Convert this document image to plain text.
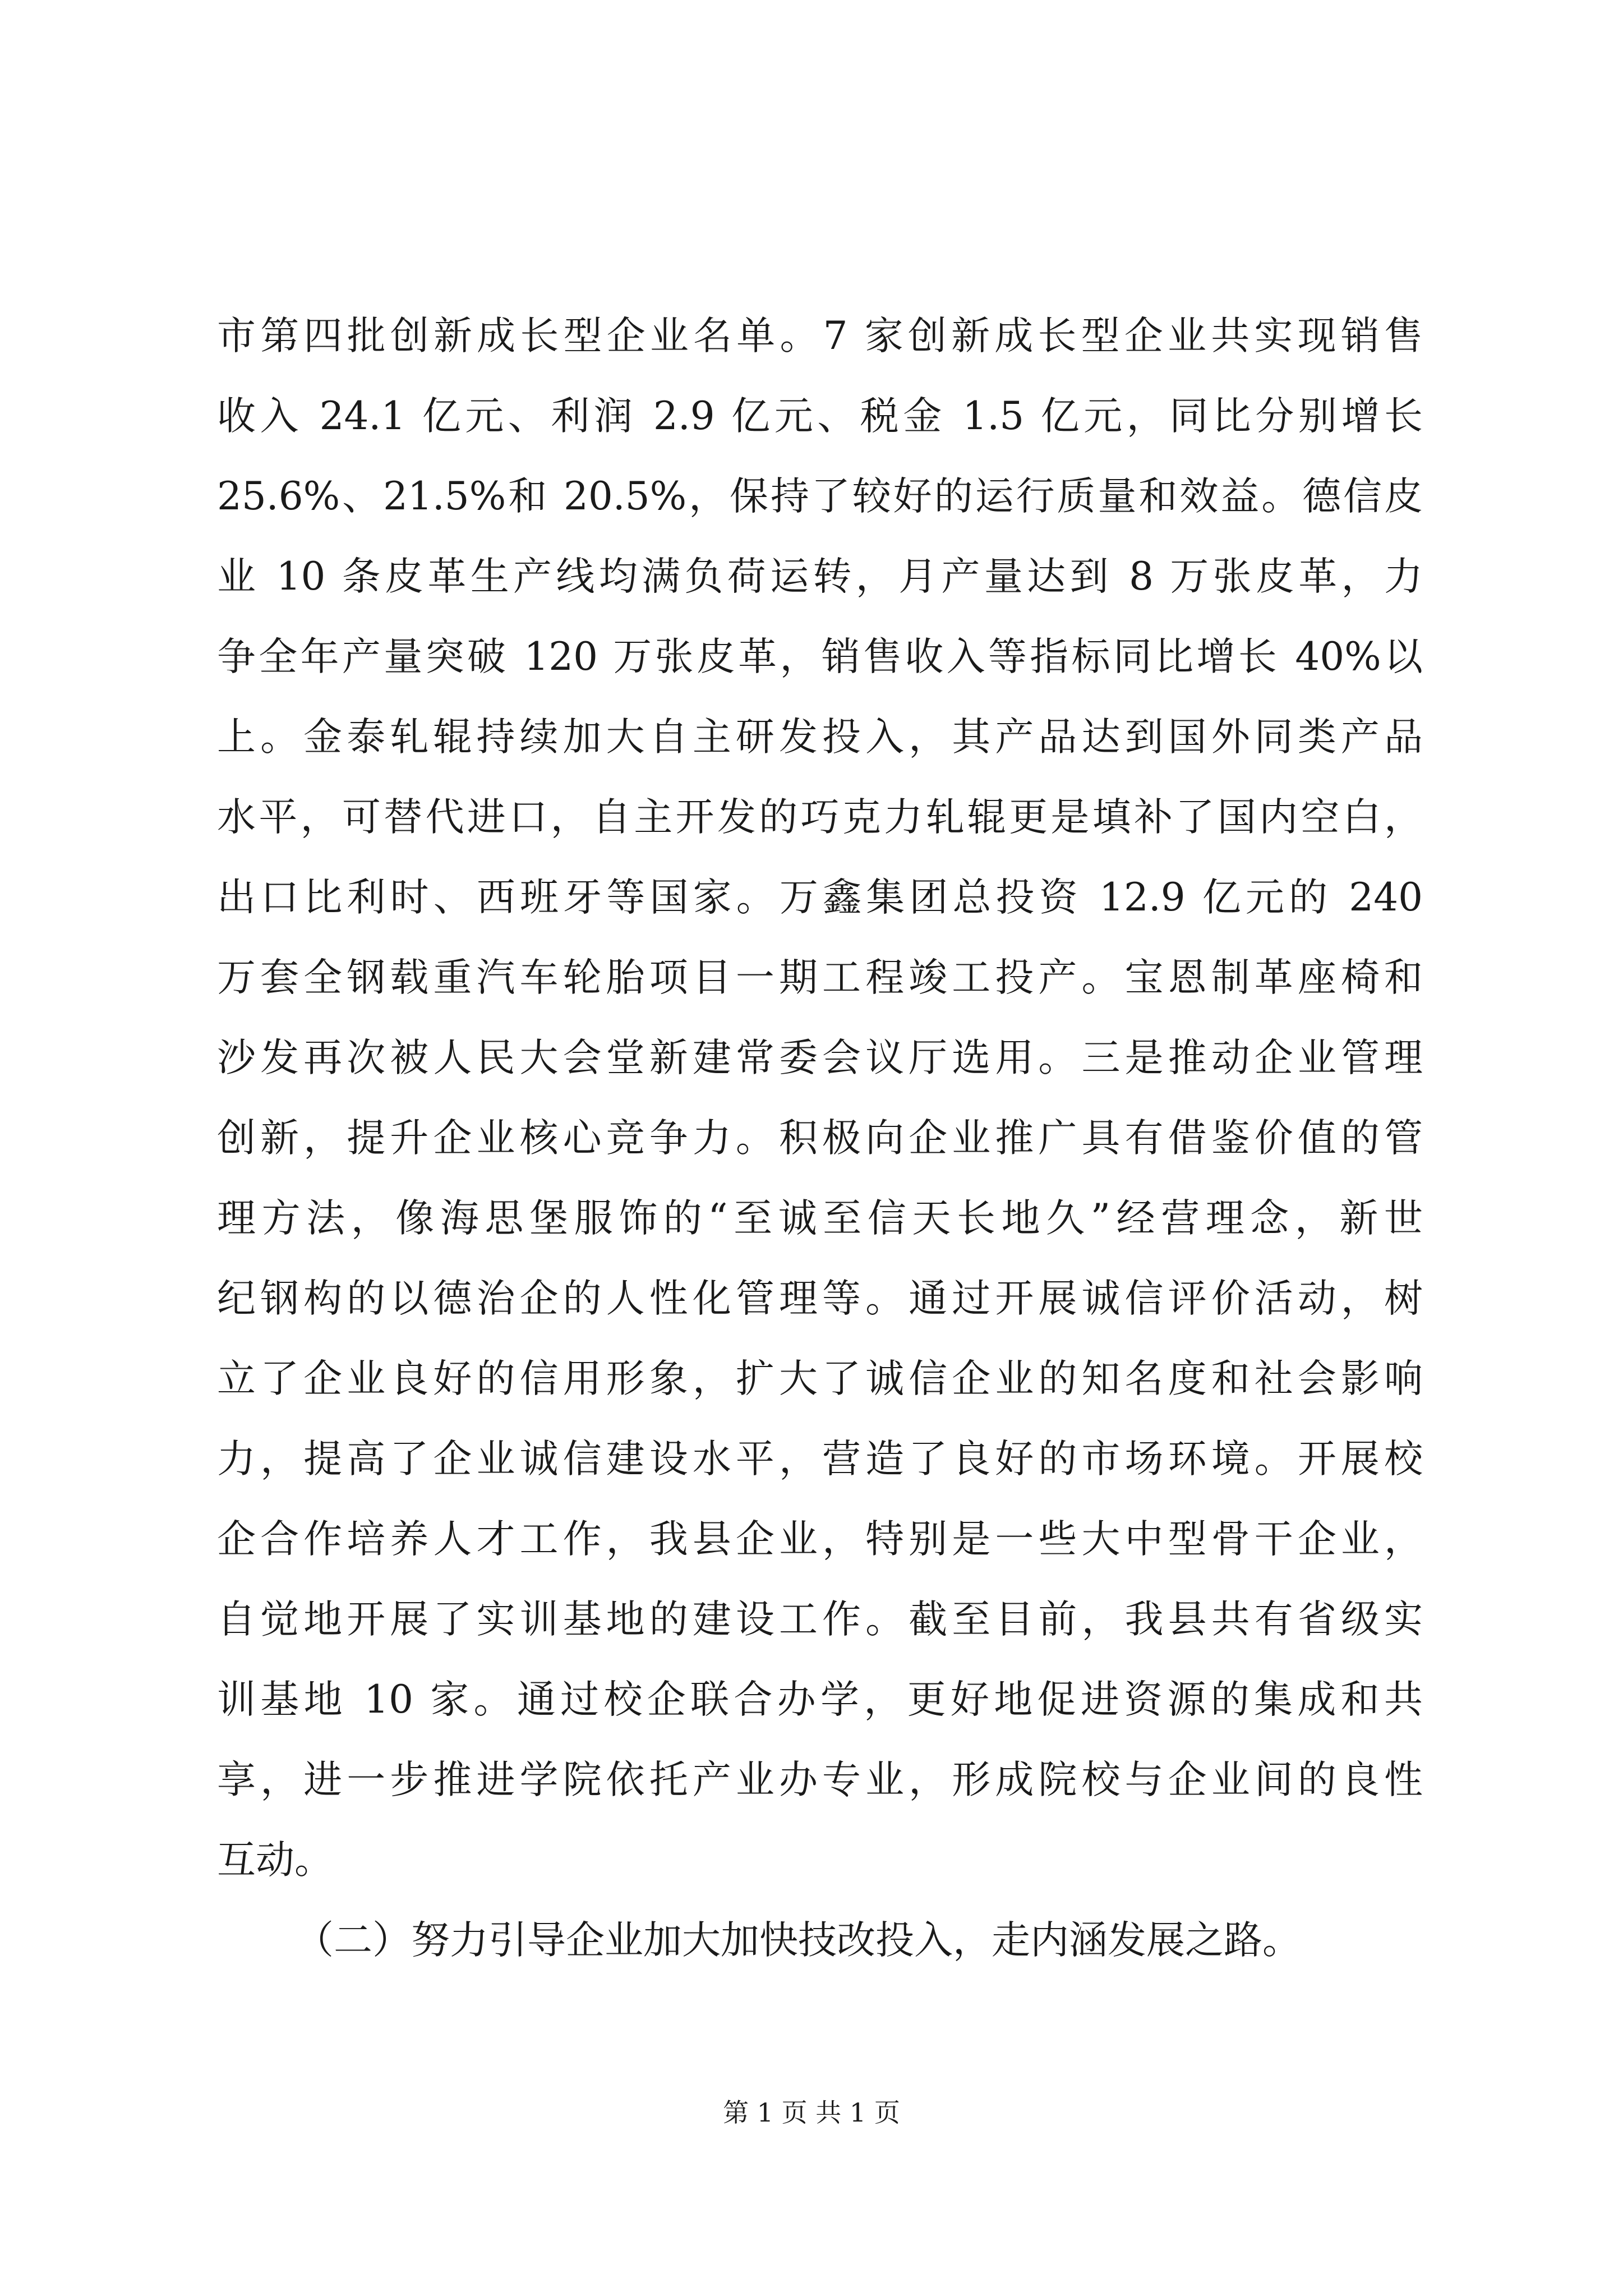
市第四批创新成长型企业名单。7 家创新成长型企业共实现销售
收入 24.1 亿元、利润 2.9 亿元、税金 1.5 亿元，同比分别增长
25.6%、21.5%和 20.5%，保持了较好的运行质量和效益。德信皮
业 10 条皮革生产线均满负荷运转，月产量达到 8 万张皮革，力
争全年产量突破 120 万张皮革，销售收入等指标同比增长 40%以
上。金泰轧辊持续加大自主研发投入，其产品达到国外同类产品
水平，可替代进口，自主开发的巧克力轧辊更是填补了国内空白，
出口比利时、西班牙等国家。万鑫集团总投资 12.9 亿元的 240
万套全钢载重汽车轮胎项目一期工程竣工投产。宝恩制革座椅和
沙发再次被人民大会堂新建常委会议厅选用。三是推动企业管理
创新，提升企业核心竞争力。积极向企业推广具有借鉴价值的管
理方法，像海思堡服饰的“至诚至信天长地久”经营理念，新世
纪钢构的以德治企的人性化管理等。通过开展诚信评价活动，树
立了企业良好的信用形象，扩大了诚信企业的知名度和社会影响
力，提高了企业诚信建设水平，营造了良好的市场环境。开展校
企合作培养人才工作，我县企业，特别是一些大中型骨干企业，
自觉地开展了实训基地的建设工作。截至目前，我县共有省级实
训基地 10 家。通过校企联合办学，更好地促进资源的集成和共
享，进一步推进学院依托产业办专业，形成院校与企业间的良性
互动。
（二）努力引导企业加大加快技改投入，走内涵发展之路。
第 1 页 共 1 页
